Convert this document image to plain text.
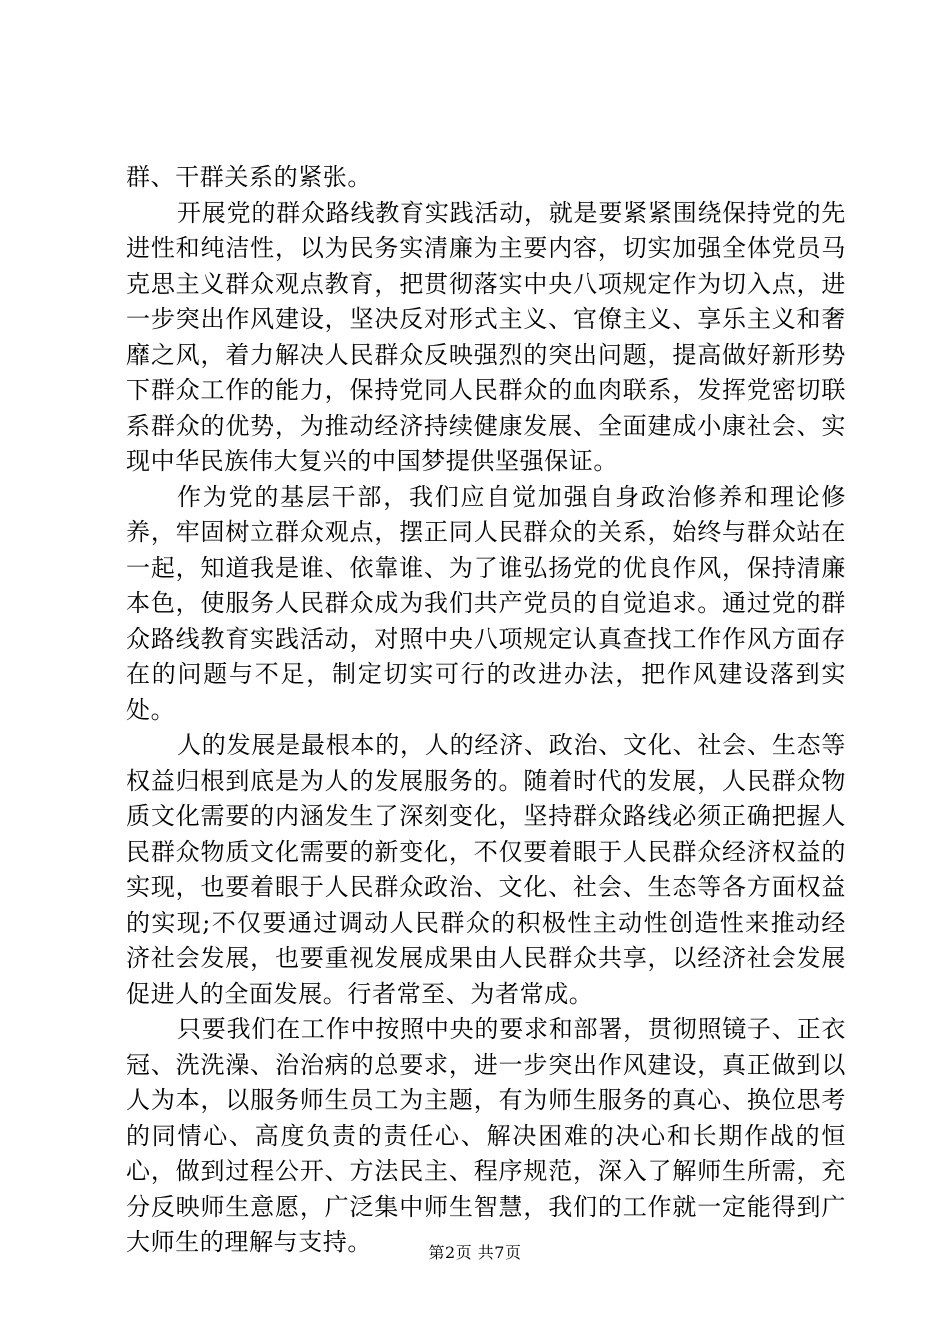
群、干群关系的紧张。

开展党的群众路线教育实践活动，就是要紧紧围绕保持党的先进性和纯洁性，以为民务实清廉为主要内容，切实加强全体党员马克思主义群众观点教育，把贯彻落实中央八项规定作为切入点，进一步突出作风建设，坚决反对形式主义、官僚主义、享乐主义和奢靡之风，着力解决人民群众反映强烈的突出问题，提高做好新形势下群众工作的能力，保持党同人民群众的血肉联系，发挥党密切联系群众的优势，为推动经济持续健康发展、全面建成小康社会、实现中华民族伟大复兴的中国梦提供坚强保证。

作为党的基层干部，我们应自觉加强自身政治修养和理论修养，牢固树立群众观点，摆正同人民群众的关系，始终与群众站在一起，知道我是谁、依靠谁、为了谁弘扬党的优良作风，保持清廉本色，使服务人民群众成为我们共产党员的自觉追求。通过党的群众路线教育实践活动，对照中央八项规定认真查找工作作风方面存在的问题与不足，制定切实可行的改进办法，把作风建设落到实处。

人的发展是最根本的，人的经济、政治、文化、社会、生态等权益归根到底是为人的发展服务的。随着时代的发展，人民群众物质文化需要的内涵发生了深刻变化，坚持群众路线必须正确把握人民群众物质文化需要的新变化，不仅要着眼于人民群众经济权益的实现，也要着眼于人民群众政治、文化、社会、生态等各方面权益的实现;不仅要通过调动人民群众的积极性主动性创造性来推动经济社会发展，也要重视发展成果由人民群众共享，以经济社会发展促进人的全面发展。行者常至、为者常成。

只要我们在工作中按照中央的要求和部署，贯彻照镜子、正衣冠、洗洗澡、治治病的总要求，进一步突出作风建设，真正做到以人为本，以服务师生员工为主题，有为师生服务的真心、换位思考的同情心、高度负责的责任心、解决困难的决心和长期作战的恒心，做到过程公开、方法民主、程序规范，深入了解师生所需，充分反映师生意愿，广泛集中师生智慧，我们的工作就一定能得到广大师生的理解与支持。	第2页 共7页
